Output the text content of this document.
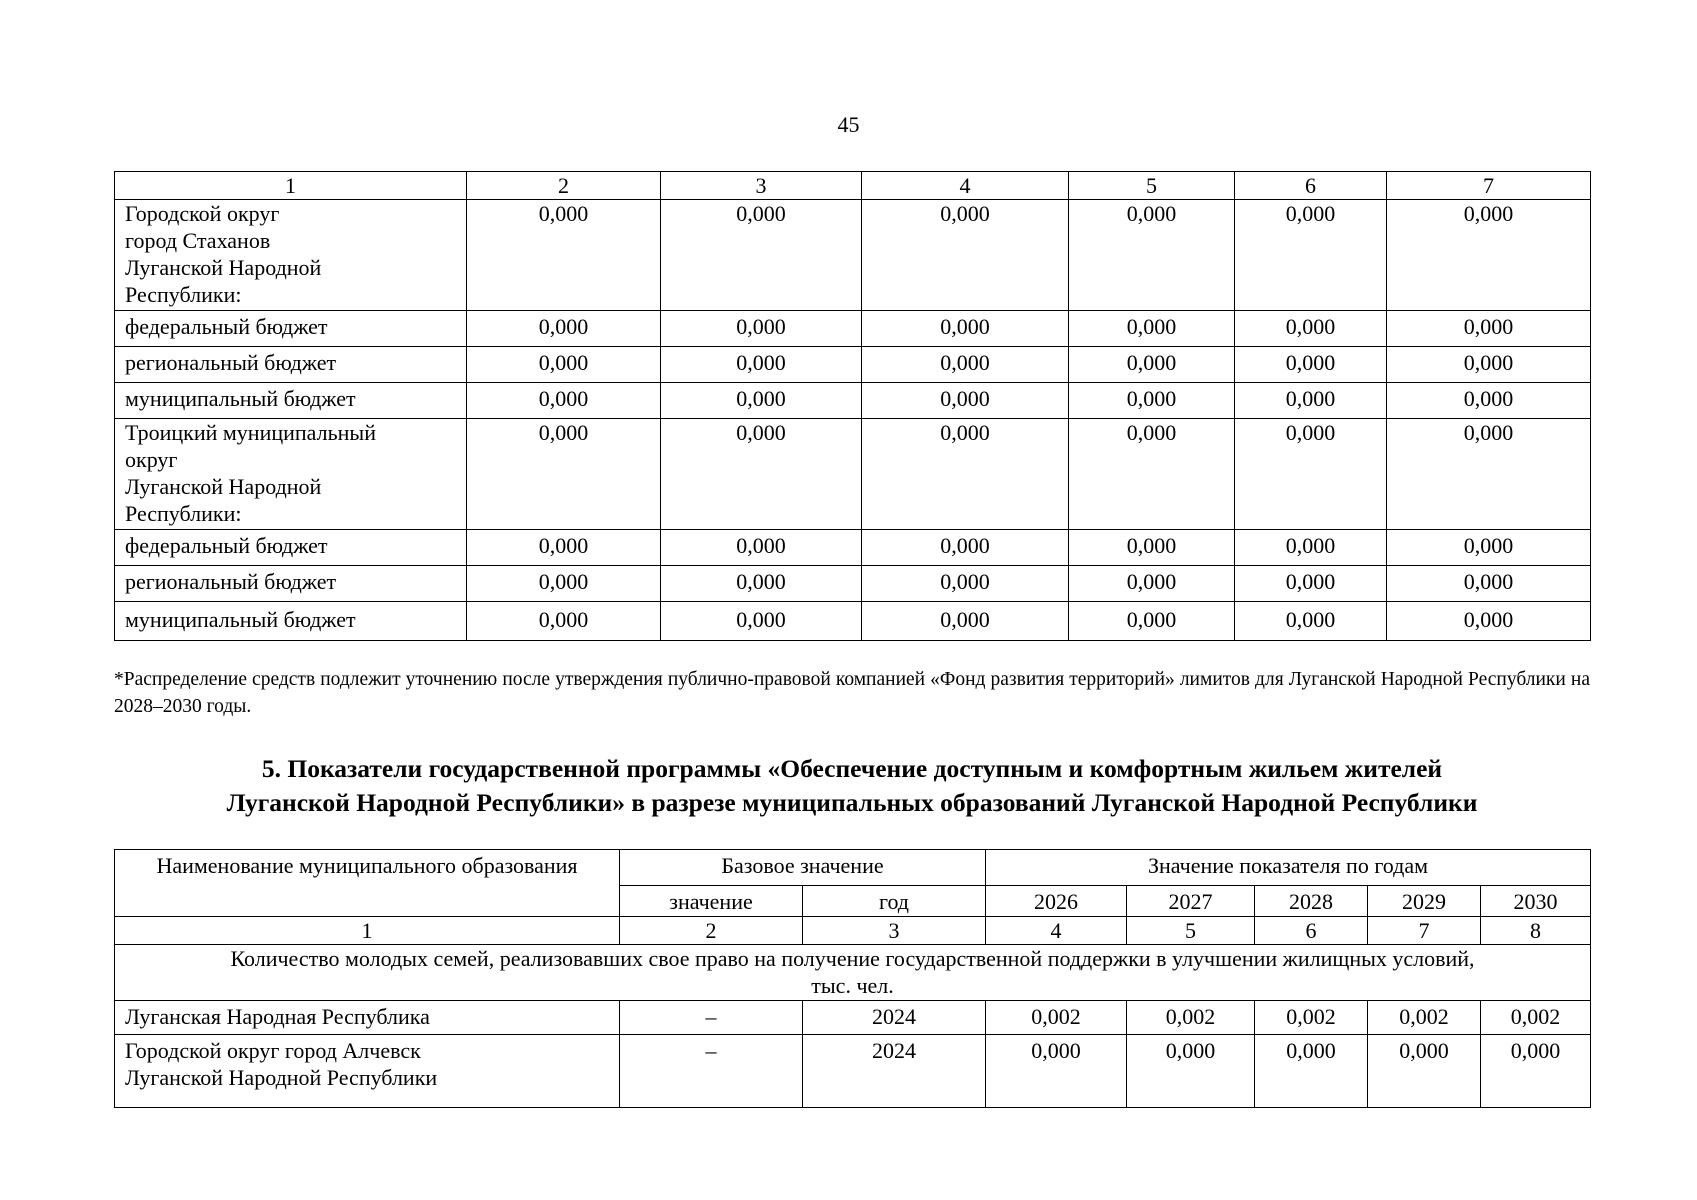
45
1	2	3	4	5	6	7
Городской округ
город Стаханов
Луганской Народной
Республики:	0,000	0,000	0,000	0,000	0,000	0,000
федеральный бюджет	0,000	0,000	0,000	0,000	0,000	0,000
региональный бюджет	0,000	0,000	0,000	0,000	0,000	0,000
муниципальный бюджет	0,000	0,000	0,000	0,000	0,000	0,000
Троицкий муниципальный
округ
Луганской Народной
Республики:	0,000	0,000	0,000	0,000	0,000	0,000
федеральный бюджет	0,000	0,000	0,000	0,000	0,000	0,000
региональный бюджет	0,000	0,000	0,000	0,000	0,000	0,000
муниципальный бюджет	0,000	0,000	0,000	0,000	0,000	0,000
*Распределение средств подлежит уточнению после утверждения публично-правовой компанией «Фонд развития территорий» лимитов для Луганской Народной Республики на 2028–2030 годы.
5. Показатели государственной программы «Обеспечение доступным и комфортным жильем жителей
Луганской Народной Республики» в разрезе муниципальных образований Луганской Народной Республики
Наименование муниципального образования	Базовое значение		Значение показателя по годам				
	значение	год	2026	2027	2028	2029	2030
1	2	3	4	5	6	7	8

Количество молодых семей, реализовавших свое право на получение государственной поддержки в улучшении жилищных условий,
тыс. чел.							

Луганская Народная Республика	–	2024	0,002	0,002	0,002	0,002	0,002
Городской округ город Алчевск
Луганской Народной Республики	–	2024	0,000	0,000	0,000	0,000	0,000
